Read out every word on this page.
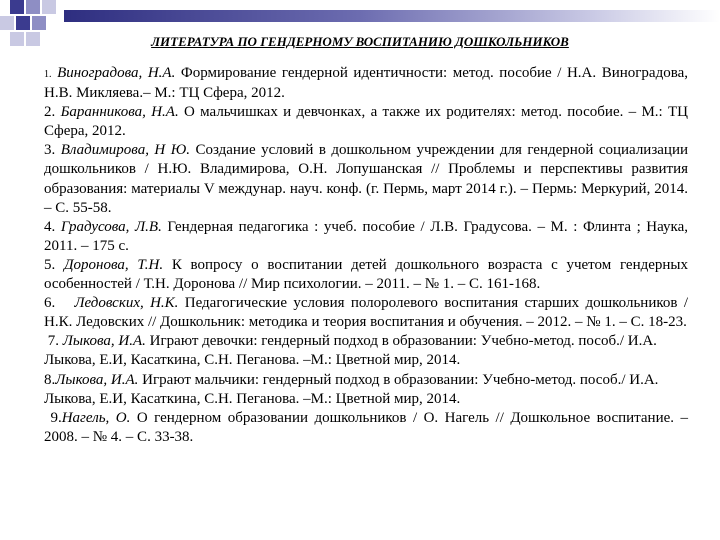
ЛИТЕРАТУРА ПО ГЕНДЕРНОМУ ВОСПИТАНИЮ ДОШКОЛЬНИКОВ

1. Виноградова, Н.А. Формирование гендерной идентичности: метод. пособие / Н.А. Виноградова, Н.В. Микляева.– М.: ТЦ Сфера, 2012.

2. Баранникова, Н.А. О мальчишках и девчонках, а также их родителях: метод. пособие. – М.: ТЦ Сфера, 2012.

3. Владимирова, Н Ю. Создание условий в дошкольном учреждении для гендерной социализации дошкольников / Н.Ю. Владимирова, О.Н. Лопушанская // Проблемы и перспективы развития образования: материалы V междунар. науч. конф. (г. Пермь, март 2014 г.). – Пермь: Меркурий, 2014. – С. 55-58.

4. Градусова, Л.В. Гендерная педагогика : учеб. пособие / Л.В. Градусова. – М. : Флинта ; Наука, 2011. – 175 с.

5. Доронова, Т.Н. К вопросу о воспитании детей дошкольного возраста с учетом гендерных особенностей / Т.Н. Доронова // Мир психологии. – 2011. – № 1. – С. 161-168.

6. Ледовских, Н.К. Педагогические условия полоролевого воспитания старших дошкольников / Н.К. Ледовских // Дошкольник: методика и теория воспитания и обучения. – 2012. – № 1. – С. 18-23.

7. Лыкова, И.А. Играют девочки: гендерный подход в образовании: Учебно-метод. пособ./ И.А. Лыкова, Е.И, Касаткина, С.Н. Пеганова. –М.: Цветной мир, 2014.

8.Лыкова, И.А. Играют мальчики: гендерный подход в образовании: Учебно-метод. пособ./ И.А. Лыкова, Е.И, Касаткина, С.Н. Пеганова. –М.: Цветной мир, 2014.

9.Нагель, О. О гендерном образовании дошкольников / О. Нагель // Дошкольное воспитание. – 2008. – № 4. – С. 33-38.
